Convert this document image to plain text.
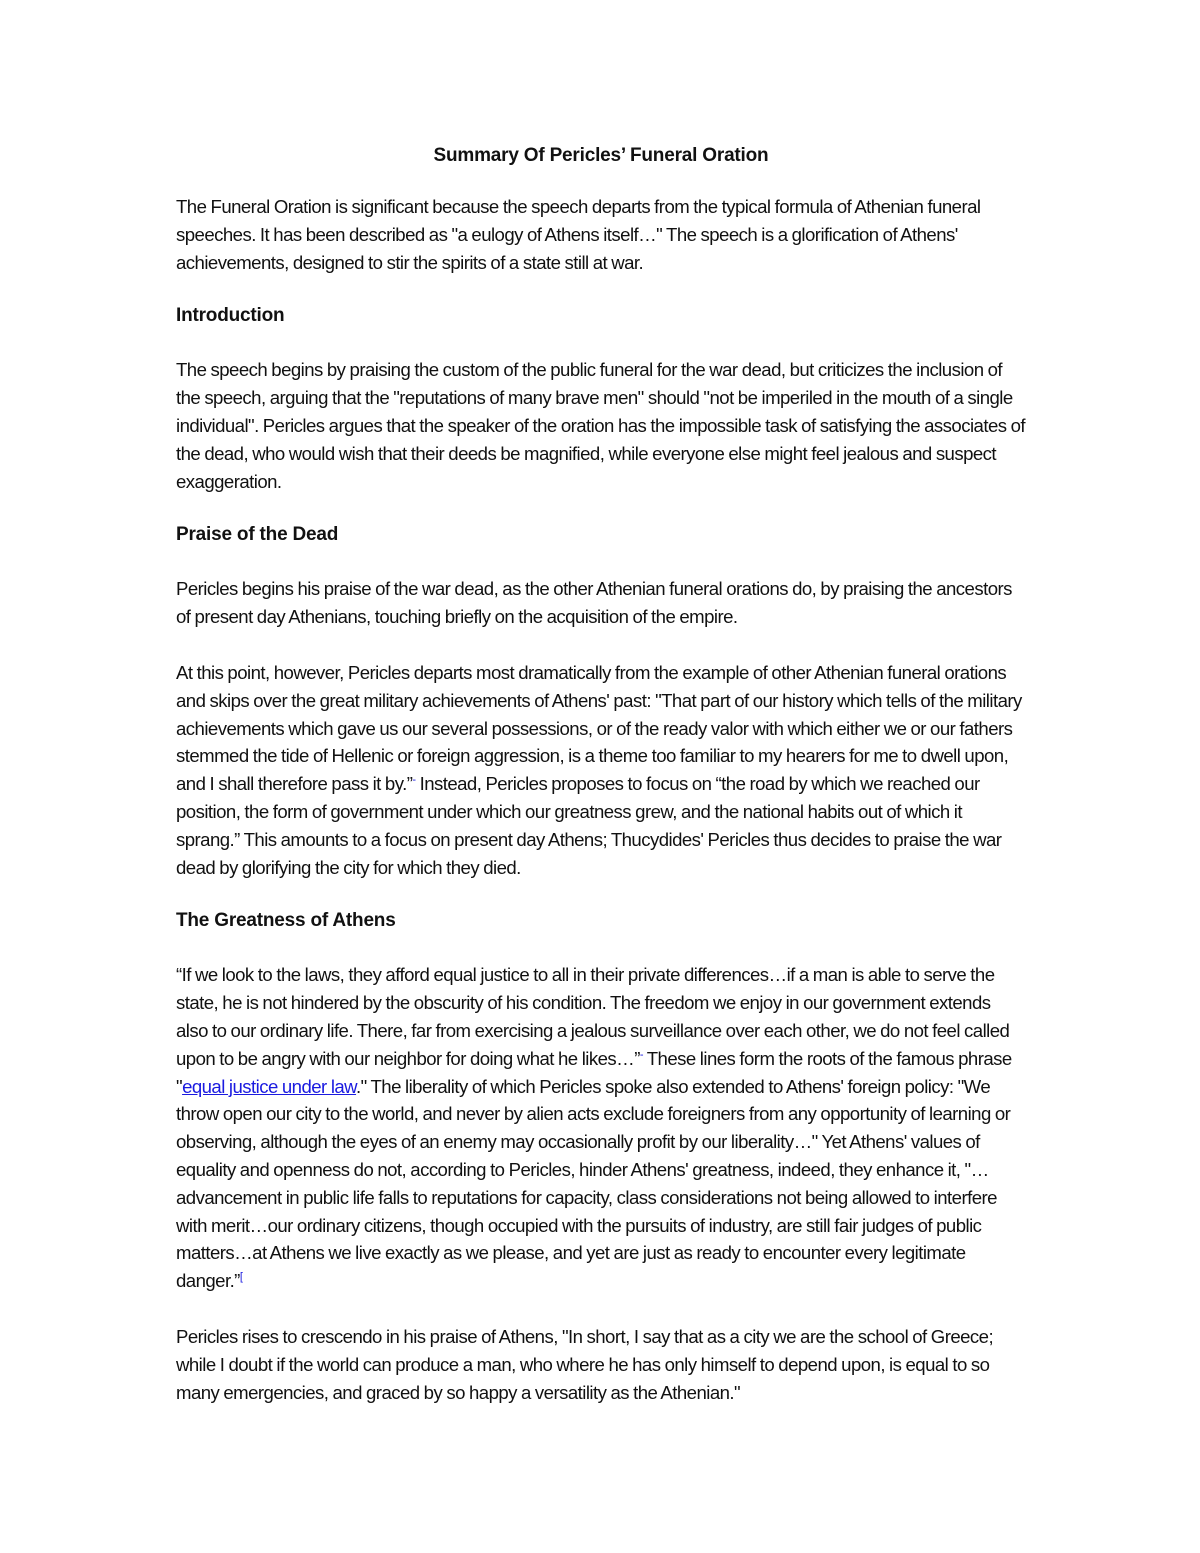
Summary Of Pericles’ Funeral Oration

The Funeral Oration is significant because the speech departs from the typical formula of Athenian funeral speeches. It has been described as "a eulogy of Athens itself…" The speech is a glorification of Athens' achievements, designed to stir the spirits of a state still at war.

Introduction

The speech begins by praising the custom of the public funeral for the war dead, but criticizes the inclusion of the speech, arguing that the "reputations of many brave men" should "not be imperiled in the mouth of a single individual". Pericles argues that the speaker of the oration has the impossible task of satisfying the associates of the dead, who would wish that their deeds be magnified, while everyone else might feel jealous and suspect exaggeration.

Praise of the Dead

Pericles begins his praise of the war dead, as the other Athenian funeral orations do, by praising the ancestors of present day Athenians, touching briefly on the acquisition of the empire.

At this point, however, Pericles departs most dramatically from the example of other Athenian funeral orations and skips over the great military achievements of Athens' past: "That part of our history which tells of the military achievements which gave us our several possessions, or of the ready valor with which either we or our fathers stemmed the tide of Hellenic or foreign aggression, is a theme too familiar to my hearers for me to dwell upon, and I shall therefore pass it by.”- Instead, Pericles proposes to focus on “the road by which we reached our position, the form of government under which our greatness grew, and the national habits out of which it sprang.” This amounts to a focus on present day Athens; Thucydides' Pericles thus decides to praise the war dead by glorifying the city for which they died.

The Greatness of Athens

“If we look to the laws, they afford equal justice to all in their private differences…if a man is able to serve the state, he is not hindered by the obscurity of his condition. The freedom we enjoy in our government extends also to our ordinary life. There, far from exercising a jealous surveillance over each other, we do not feel called upon to be angry with our neighbor for doing what he likes…”- These lines form the roots of the famous phrase "equal justice under law." The liberality of which Pericles spoke also extended to Athens' foreign policy: "We throw open our city to the world, and never by alien acts exclude foreigners from any opportunity of learning or observing, although the eyes of an enemy may occasionally profit by our liberality…" Yet Athens' values of equality and openness do not, according to Pericles, hinder Athens' greatness, indeed, they enhance it, "…advancement in public life falls to reputations for capacity, class considerations not being allowed to interfere with merit…our ordinary citizens, though occupied with the pursuits of industry, are still fair judges of public matters…at Athens we live exactly as we please, and yet are just as ready to encounter every legitimate danger.”[

Pericles rises to crescendo in his praise of Athens, "In short, I say that as a city we are the school of Greece; while I doubt if the world can produce a man, who where he has only himself to depend upon, is equal to so many emergencies, and graced by so happy a versatility as the Athenian."
